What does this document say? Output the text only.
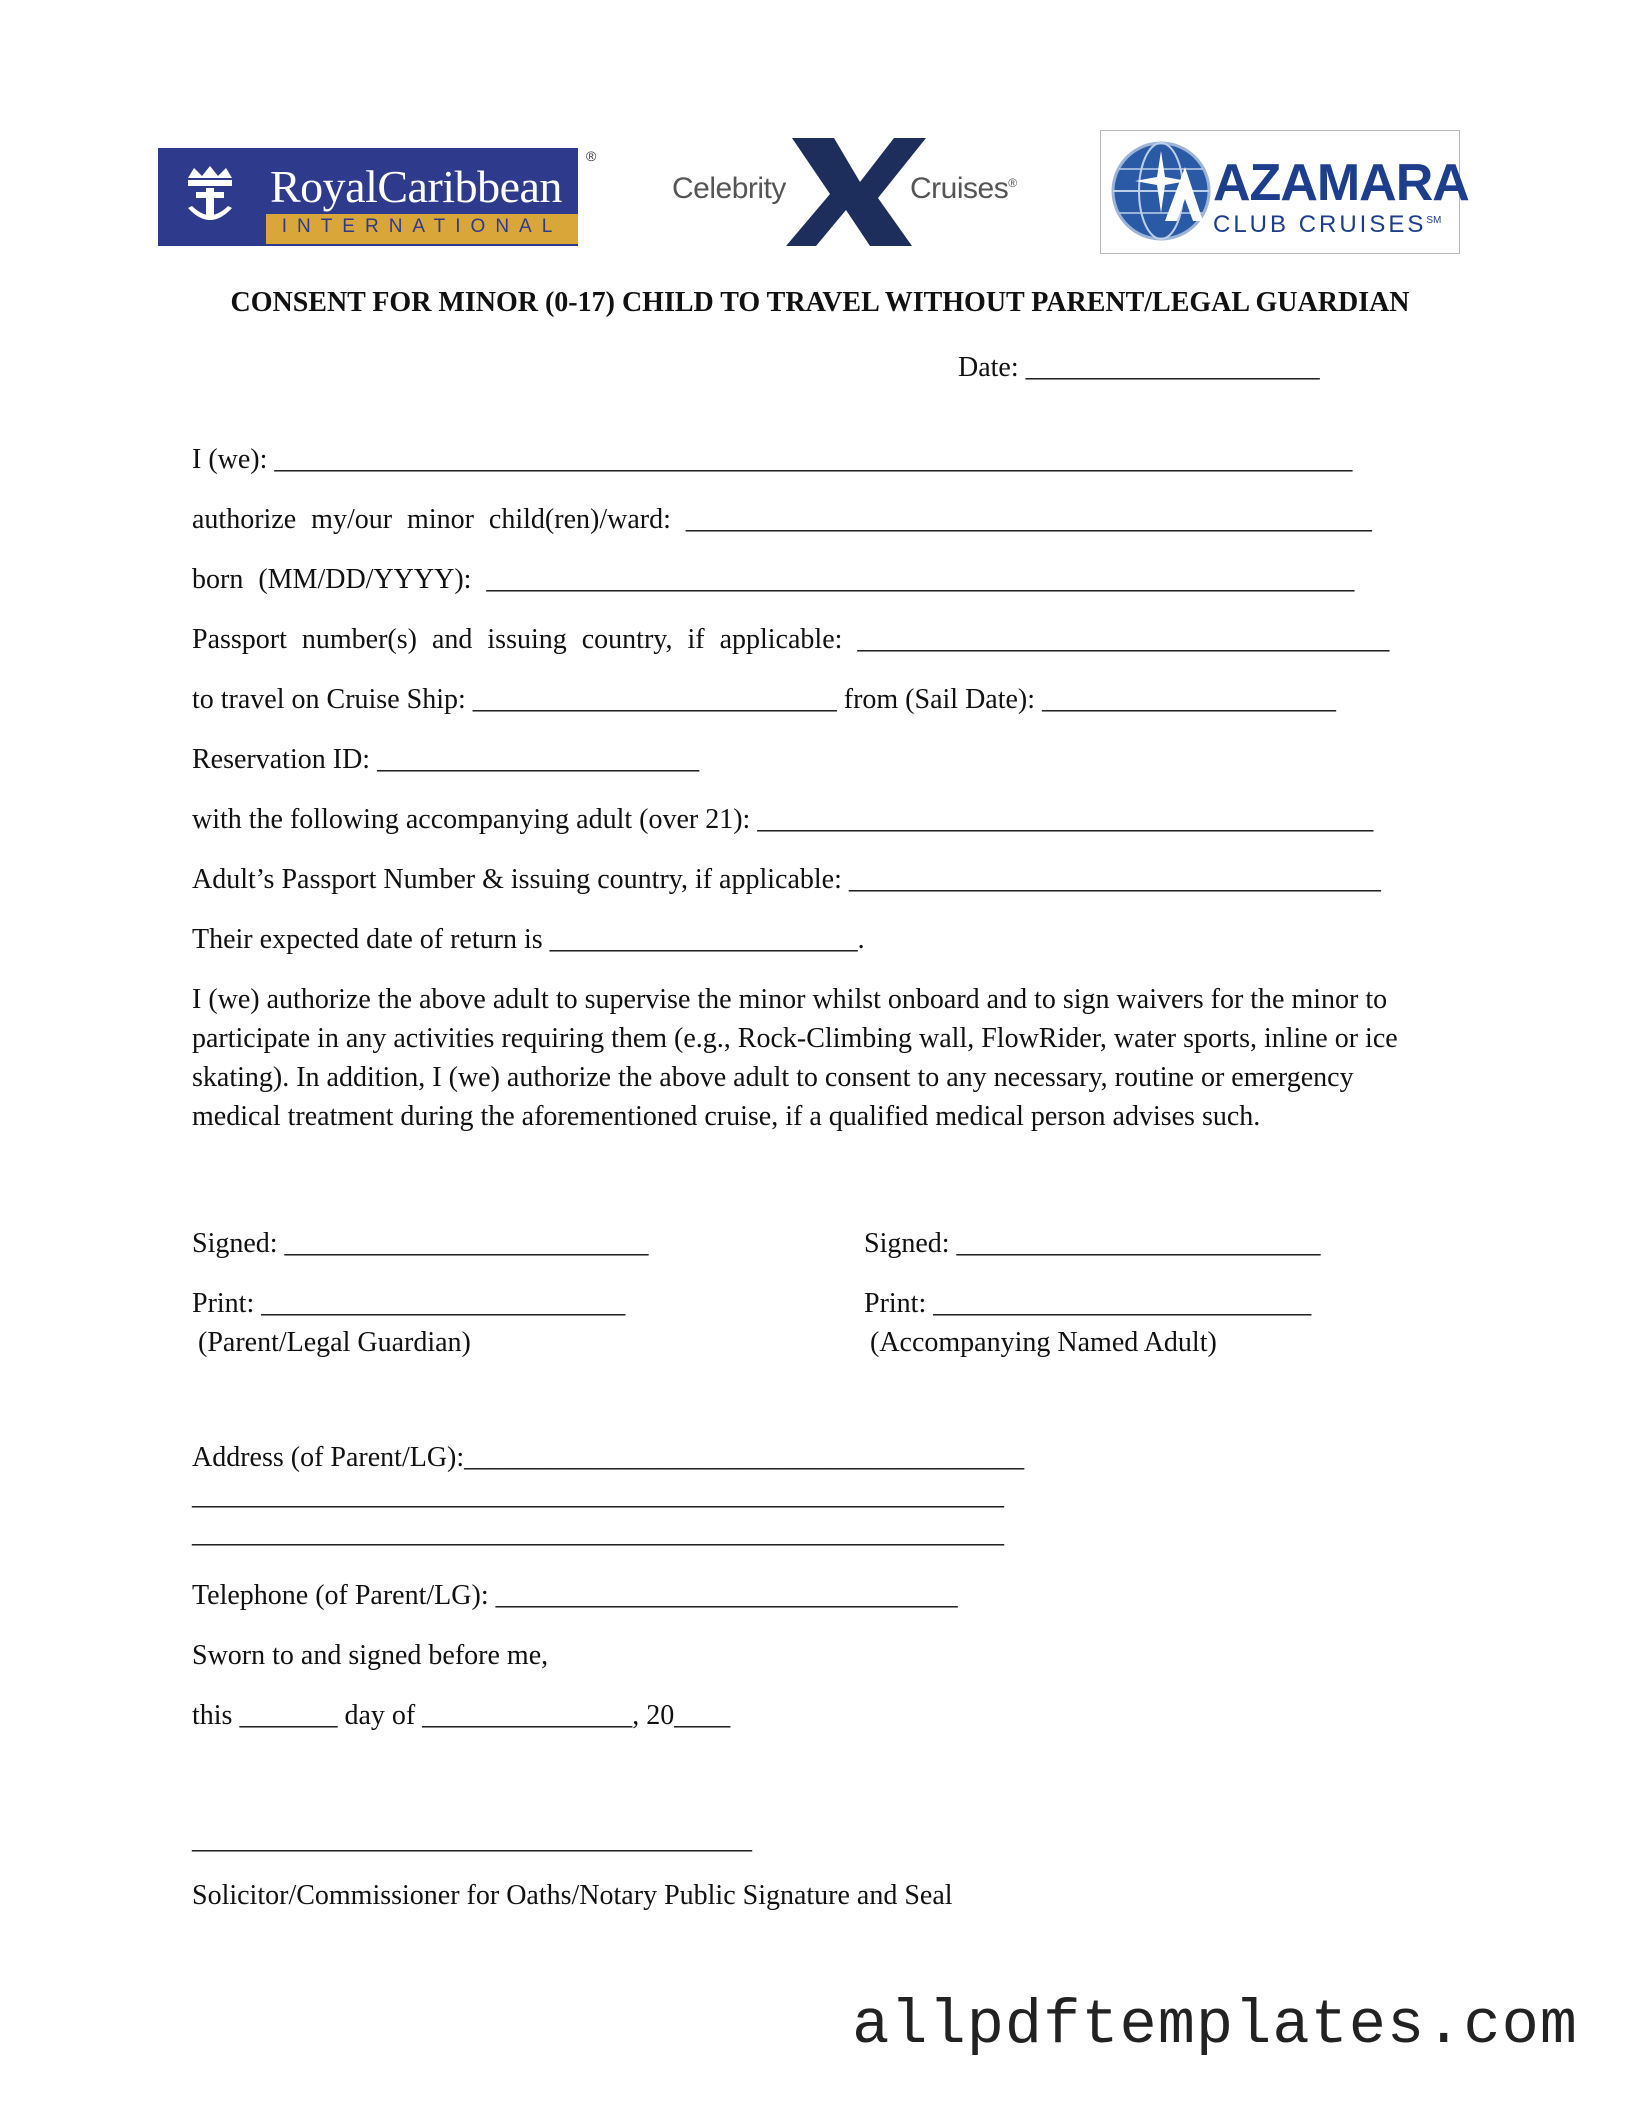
RoyalCaribbean
INTERNATIONAL
®
Celebrity	Cruises®	AZAMARA
CLUB CRUISES℠
CONSENT FOR MINOR (0-17) CHILD TO TRAVEL WITHOUT PARENT/LEGAL GUARDIAN
Date: _____________________
I (we): _____________________________________________________________________________
authorize my/our minor child(ren)/ward: _________________________________________________
born (MM/DD/YYYY): ______________________________________________________________
Passport number(s) and issuing country, if applicable: ______________________________________
to travel on Cruise Ship: __________________________ from (Sail Date): _____________________
Reservation ID: _______________________
with the following accompanying adult (over 21): ____________________________________________
Adult’s Passport Number & issuing country, if applicable: ______________________________________
Their expected date of return is ______________________.
I (we) authorize the above adult to supervise the minor whilst onboard and to sign waivers for the minor to participate in any activities requiring them (e.g., Rock-Climbing wall, FlowRider, water sports, inline or ice skating). In addition, I (we) authorize the above adult to consent to any necessary, routine or emergency medical treatment during the aforementioned cruise, if a qualified medical person advises such.
Signed: __________________________	Signed: __________________________
Print: __________________________	Print: ___________________________
(Parent/Legal Guardian)	(Accompanying Named Adult)
Address (of Parent/LG):________________________________________
__________________________________________________________
__________________________________________________________
Telephone (of Parent/LG): _________________________________
Sworn to and signed before me,
this _______ day of _______________, 20____
________________________________________
Solicitor/Commissioner for Oaths/Notary Public Signature and Seal
allpdftemplates.com
